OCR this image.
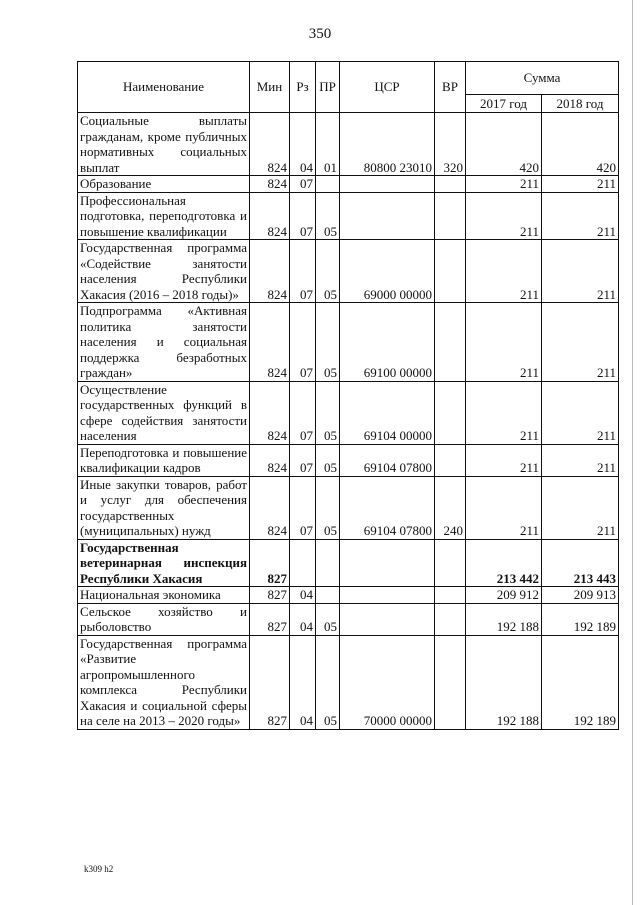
350
Наименование	Мин	Рз	ПР	ЦСР	ВР	Сумма	
						2017 год	2018 год
Социальные выплаты гражданам, кроме публичных нормативных социальных выплат	824	04	01	80800 23010	320	420	420
Образование	824	07				211	211
Профессиональная подготовка, переподготовка и повышение квалификации	824	07	05			211	211
Государственная программа «Содействие занятости населения Республики Хакасия (2016 – 2018 годы)»	824	07	05	69000 00000		211	211
Подпрограмма «Активная политика занятости населения и социальная поддержка безработных граждан»	824	07	05	69100 00000		211	211
Осуществление государственных функций в сфере содействия занятости населения	824	07	05	69104 00000		211	211
Переподготовка и повышение квалификации кадров	824	07	05	69104 07800		211	211
Иные закупки товаров, работ и услуг для обеспечения государственных (муниципальных) нужд	824	07	05	69104 07800	240	211	211
Государственная ветеринарная инспекция Республики Хакасия	827					213 442	213 443
Национальная экономика	827	04				209 912	209 913
Сельское хозяйство и рыболовство	827	04	05			192 188	192 189
Государственная программа «Развитие агропромышленного комплекса Республики Хакасия и социальной сферы на селе на 2013 – 2020 годы»	827	04	05	70000 00000		192 188	192 189
k309 h2
